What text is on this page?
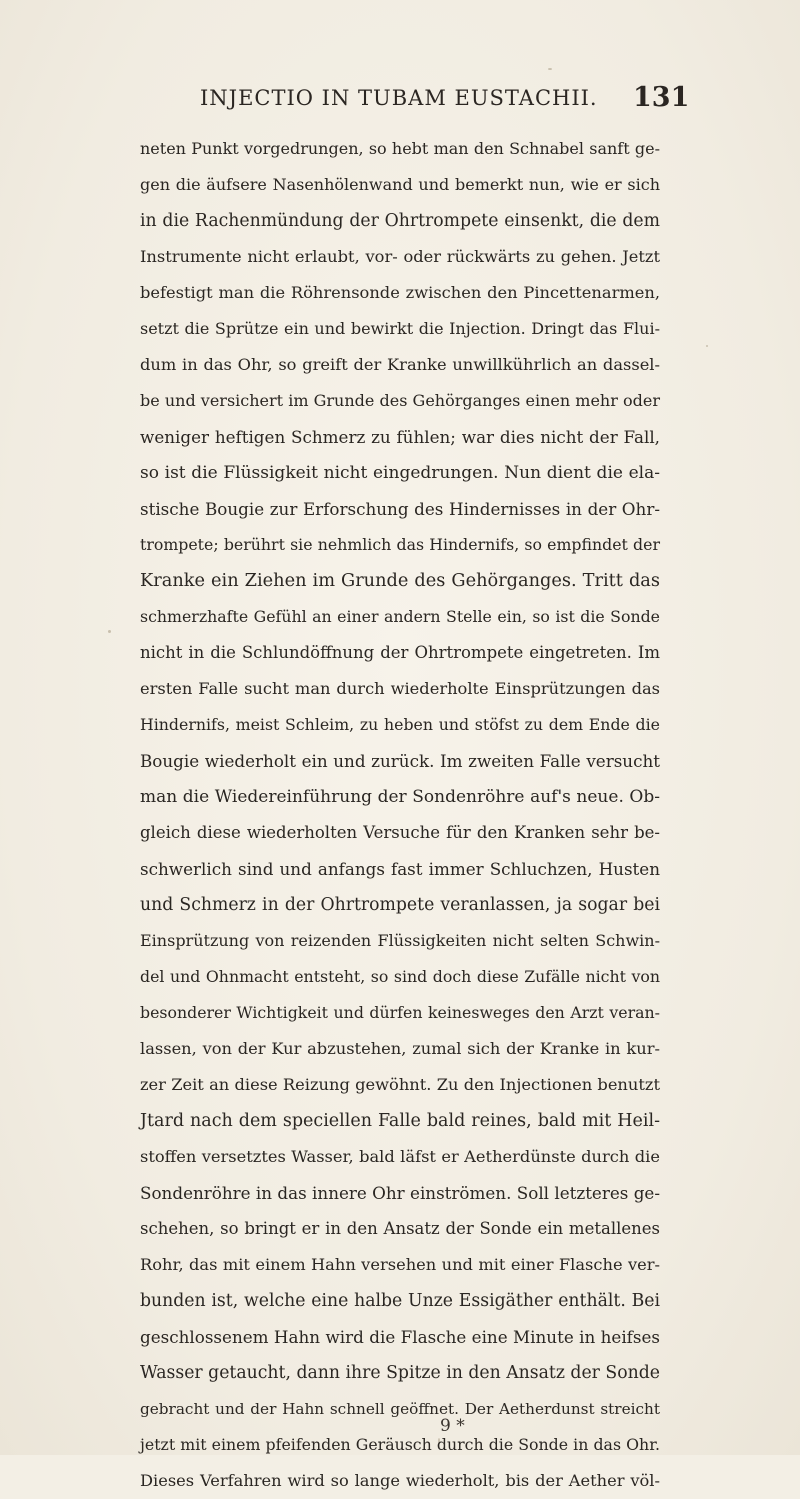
INJECTIO IN TUBAM EUSTACHII. 131
neten Punkt vorgedrungen, so hebt man den Schnabel sanft ge-
gen die äufsere Nasenhölenwand und bemerkt nun, wie er sich
in die Rachenmündung der Ohrtrompete einsenkt, die dem
Instrumente nicht erlaubt, vor- oder rückwärts zu gehen. Jetzt
befestigt man die Röhrensonde zwischen den Pincettenarmen,
setzt die Sprütze ein und bewirkt die Injection. Dringt das Flui-
dum in das Ohr, so greift der Kranke unwillkührlich an dassel-
be und versichert im Grunde des Gehörganges einen mehr oder
weniger heftigen Schmerz zu fühlen; war dies nicht der Fall,
so ist die Flüssigkeit nicht eingedrungen. Nun dient die ela-
stische Bougie zur Erforschung des Hindernisses in der Ohr-
trompete; berührt sie nehmlich das Hindernifs, so empfindet der
Kranke ein Ziehen im Grunde des Gehörganges. Tritt das
schmerzhafte Gefühl an einer andern Stelle ein, so ist die Sonde
nicht in die Schlundöffnung der Ohrtrompete eingetreten. Im
ersten Falle sucht man durch wiederholte Einsprützungen das
Hindernifs, meist Schleim, zu heben und stöfst zu dem Ende die
Bougie wiederholt ein und zurück. Im zweiten Falle versucht
man die Wiedereinführung der Sondenröhre auf's neue. Ob-
gleich diese wiederholten Versuche für den Kranken sehr be-
schwerlich sind und anfangs fast immer Schluchzen, Husten
und Schmerz in der Ohrtrompete veranlassen, ja sogar bei
Einsprützung von reizenden Flüssigkeiten nicht selten Schwin-
del und Ohnmacht entsteht, so sind doch diese Zufälle nicht von
besonderer Wichtigkeit und dürfen keinesweges den Arzt veran-
lassen, von der Kur abzustehen, zumal sich der Kranke in kur-
zer Zeit an diese Reizung gewöhnt. Zu den Injectionen benutzt
Jtard nach dem speciellen Falle bald reines, bald mit Heil-
stoffen versetztes Wasser, bald läfst er Aetherdünste durch die
Sondenröhre in das innere Ohr einströmen. Soll letzteres ge-
schehen, so bringt er in den Ansatz der Sonde ein metallenes
Rohr, das mit einem Hahn versehen und mit einer Flasche ver-
bunden ist, welche eine halbe Unze Essigäther enthält. Bei
geschlossenem Hahn wird die Flasche eine Minute in heifses
Wasser getaucht, dann ihre Spitze in den Ansatz der Sonde
gebracht und der Hahn schnell geöffnet. Der Aetherdunst streicht
jetzt mit einem pfeifenden Geräusch durch die Sonde in das Ohr.
Dieses Verfahren wird so lange wiederholt, bis der Aether völ-
9 *
